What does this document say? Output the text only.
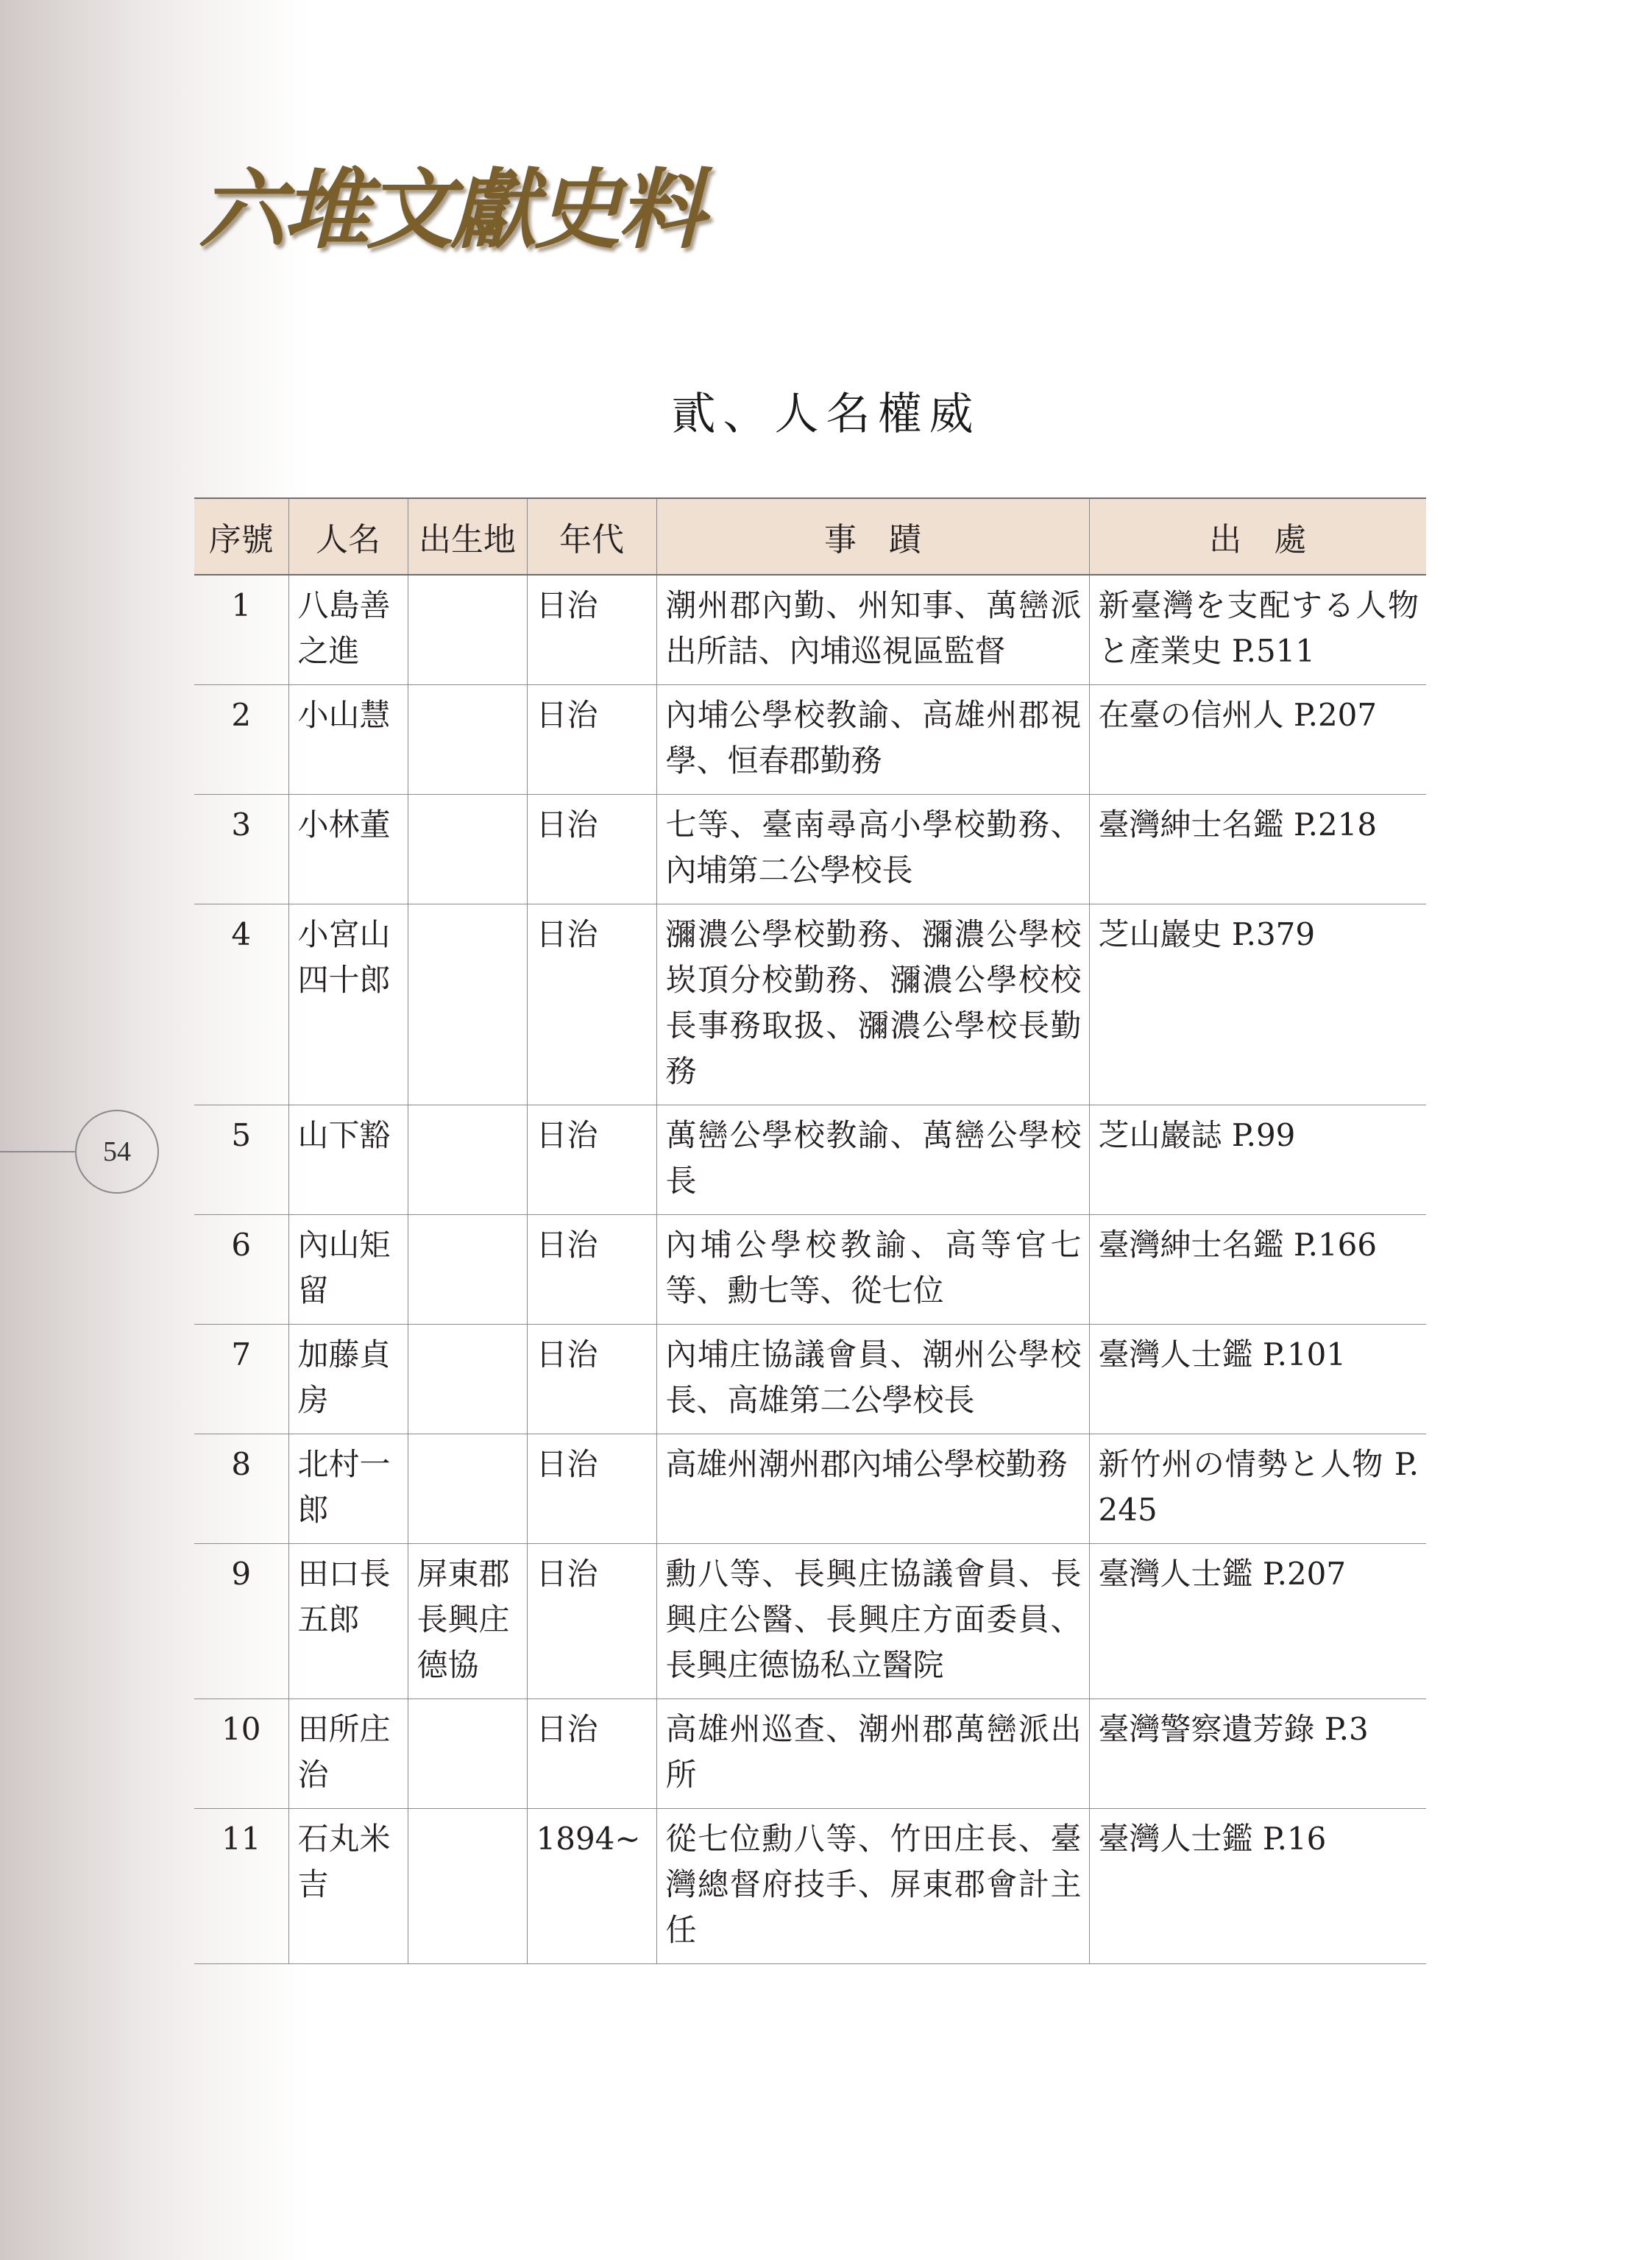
六堆文獻史料
貳、人名權威
54
序號	人名	出生地	年代	事　蹟	出　處
1	八島善之進		日治	潮州郡內勤、州知事、萬巒派出所詰、內埔巡視區監督	新臺灣を支配する人物と產業史 P.511
2	小山慧		日治	內埔公學校教諭、高雄州郡視學、恒春郡勤務	在臺の信州人 P.207
3	小林董		日治	七等、臺南尋高小學校勤務、內埔第二公學校長	臺灣紳士名鑑 P.218
4	小宮山四十郎		日治	瀰濃公學校勤務、瀰濃公學校崁頂分校勤務、瀰濃公學校校長事務取扱、瀰濃公學校長勤務	芝山巖史 P.379
5	山下豁		日治	萬巒公學校教諭、萬巒公學校長	芝山巖誌 P.99
6	內山矩留		日治	內埔公學校教諭、高等官七等、勳七等、從七位	臺灣紳士名鑑 P.166
7	加藤貞房		日治	內埔庄協議會員、潮州公學校長、高雄第二公學校長	臺灣人士鑑 P.101
8	北村一郎		日治	高雄州潮州郡內埔公學校勤務	新竹州の情勢と人物 P.245
9	田口長五郎	屏東郡長興庄德協	日治	勳八等、長興庄協議會員、長興庄公醫、長興庄方面委員、長興庄德協私立醫院	臺灣人士鑑 P.207
10	田所庄治		日治	高雄州巡查、潮州郡萬巒派出所	臺灣警察遺芳錄 P.3
11	石丸米吉		1894~	從七位勳八等、竹田庄長、臺灣總督府技手、屏東郡會計主任	臺灣人士鑑 P.16
